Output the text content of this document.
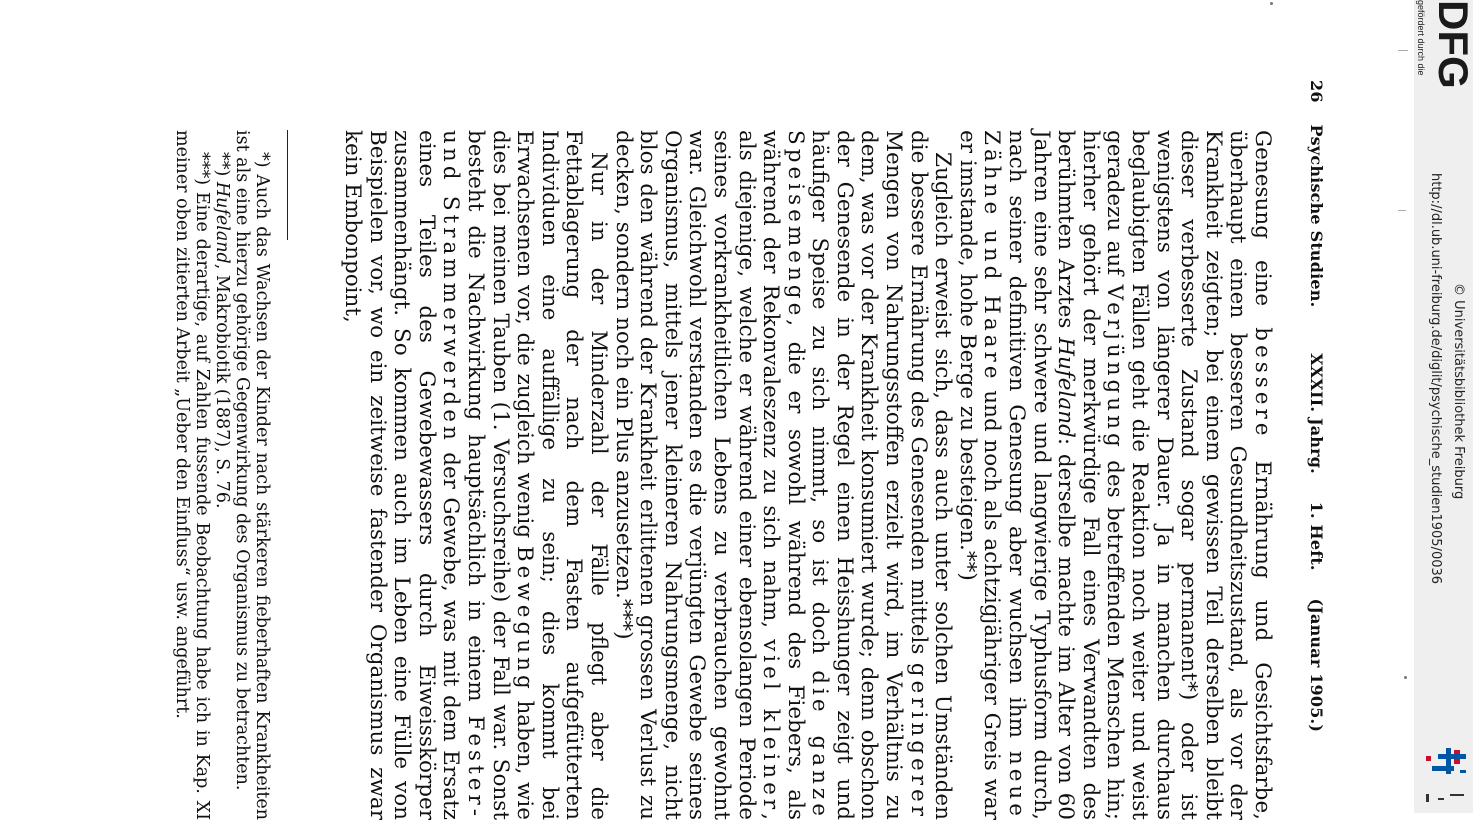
26 Psychische Studien. XXXII. Jahrg. 1. Heft. (Januar 1905.)

Genesung eine bessere Ernährung und Gesichtsfarbe, überhaupt einen besseren Gesundheitszustand, als vor der Krankheit zeigten; bei einem gewissen Teil derselben bleibt dieser verbesserte Zustand sogar permanent*) oder ist wenigstens von längerer Dauer. Ja in manchen durchaus beglaubigten Fällen geht die Reaktion noch weiter und weist geradezu auf Verjüngung des betreffenden Menschen hin; hierher gehört der merkwürdige Fall eines Verwandten des berühmten Arztes Hufeland: derselbe machte im Alter von 60 Jahren eine sehr schwere und langwierige Typhusform durch, nach seiner definitiven Genesung aber wuchsen ihm neue Zähne und Haare und noch als achtzigjähriger Greis war er imstande, hohe Berge zu besteigen.**)

Zugleich erweist sich, dass auch unter solchen Umständen die bessere Ernährung des Genesenden mittels geringerer Mengen von Nahrungsstoffen erzielt wird, im Verhältnis zu dem, was vor der Krankheit konsumiert wurde; denn obschon der Genesende in der Regel einen Heisshunger zeigt und häufiger Speise zu sich nimmt, so ist doch die ganze Speisemenge, die er sowohl während des Fiebers, als während der Rekonvaleszenz zu sich nahm, viel kleiner, als diejenige, welche er während einer ebensolangen Periode seines vorkrankheitlichen Lebens zu verbrauchen gewohnt war. Gleichwohl verstanden es die verjüngten Gewebe seines Organismus, mittels jener kleineren Nahrungsmenge, nicht blos den während der Krankheit erlittenen grossen Verlust zu decken, sondern noch ein Plus anzusetzen.***)

Nur in der Minderzahl der Fälle pflegt aber die Fettablagerung der nach dem Fasten aufgefütterten Individuen eine auffällige zu sein; dies kommt bei Erwachsenen vor, die zugleich wenig Bewegung haben, wie dies bei meinen Tauben (1. Versuchsreihe) der Fall war. Sonst besteht die Nachwirkung hauptsächlich in einem Fester- und Strammerwerden der Gewebe, was mit dem Ersatz eines Teiles des Gewebewassers durch Eiweisskörper zusammenhängt. So kommen auch im Leben eine Fülle von Beispielen vor, wo ein zeitweise fastender Organismus zwar kein Embonpoint,

*) Auch das Wachsen der Kinder nach stärkeren fieberhaften Krankheiten ist als eine hierzu gehörige Gegenwirkung des Organismus zu betrachten.

**) Hufeland, Makrobiotik (1887), S. 76.

***) Eine derartige, auf Zahlen fussende Beobachtung habe ich in Kap. XI meiner oben zitierten Arbeit „Ueber den Einfluss“ usw. angeführt.

gefördert durch die DFG
http://dl.ub.uni-freiburg.de/diglit/psychische_studien1905/0036 © Universitätsbibliothek Freiburg
